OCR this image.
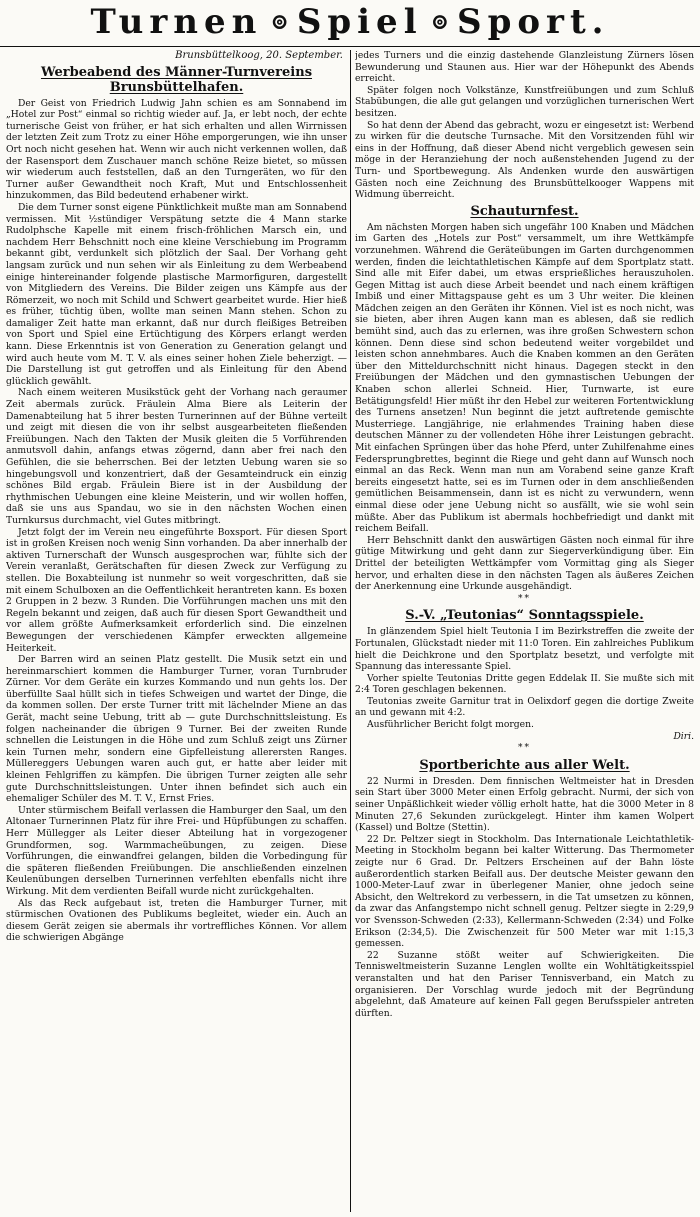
Turnen ⊚ Spiel ⊚ Sport.

Brunsbüttelkoog, 20. September.

Werbeabend des Männer-Turnvereins
Brunsbüttelhafen.

Der Geist von Friedrich Ludwig Jahn schien es am Sonnabend im „Hotel zur Post“ einmal so richtig wieder auf. Ja, er lebt noch, der echte turnerische Geist von früher, er hat sich erhalten und allen Wirrnissen der letzten Zeit zum Trotz zu einer Höhe emporgerungen, wie ihn unser Ort noch nicht gesehen hat. Wenn wir auch nicht verkennen wollen, daß der Rasensport dem Zuschauer manch schöne Reize bietet, so müssen wir wiederum auch feststellen, daß an den Turngeräten, wo für den Turner außer Gewandtheit noch Kraft, Mut und Entschlossenheit hinzukommen, das Bild bedeutend erhabener wirkt.

Die dem Turner sonst eigene Pünktlichkeit mußte man am Sonnabend vermissen. Mit ½stündiger Verspätung setzte die 4 Mann starke Rudolphsche Kapelle mit einem frisch-fröhlichen Marsch ein, und nachdem Herr Behschnitt noch eine kleine Verschiebung im Programm bekannt gibt, verdunkelt sich plötzlich der Saal. Der Vorhang geht langsam zurück und nun sehen wir als Einleitung zu dem Werbeabend einige hintereinander folgende plastische Marmorfiguren, dargestellt von Mitgliedern des Vereins. Die Bilder zeigen uns Kämpfe aus der Römerzeit, wo noch mit Schild und Schwert gearbeitet wurde. Hier hieß es früher, tüchtig üben, wollte man seinen Mann stehen. Schon zu damaliger Zeit hatte man erkannt, daß nur durch fleißiges Betreiben von Sport und Spiel eine Ertüchtigung des Körpers erlangt werden kann. Diese Erkenntnis ist von Generation zu Generation gelangt und wird auch heute vom M. T. V. als eines seiner hohen Ziele beherzigt. — Die Darstellung ist gut getroffen und als Einleitung für den Abend glücklich gewählt.

Nach einem weiteren Musikstück geht der Vorhang nach geraumer Zeit abermals zurück. Fräulein Alma Biere als Leiterin der Damenabteilung hat 5 ihrer besten Turnerinnen auf der Bühne verteilt und zeigt mit diesen die von ihr selbst ausgearbeiteten fließenden Freiübungen. Nach den Takten der Musik gleiten die 5 Vorführenden anmutsvoll dahin, anfangs etwas zögernd, dann aber frei nach den Gefühlen, die sie beherrschen. Bei der letzten Uebung waren sie so hingebungsvoll und konzentriert, daß der Gesamteindruck ein einzig schönes Bild ergab. Fräulein Biere ist in der Ausbildung der rhythmischen Uebungen eine kleine Meisterin, und wir wollen hoffen, daß sie uns aus Spandau, wo sie in den nächsten Wochen einen Turnkursus durchmacht, viel Gutes mitbringt.

Jetzt folgt der im Verein neu eingeführte Boxsport. Für diesen Sport ist in großen Kreisen noch wenig Sinn vorhanden. Da aber innerhalb der aktiven Turnerschaft der Wunsch ausgesprochen war, fühlte sich der Verein veranlaßt, Gerätschaften für diesen Zweck zur Verfügung zu stellen. Die Boxabteilung ist nunmehr so weit vorgeschritten, daß sie mit einem Schulboxen an die Oeffentlichkeit herantreten kann. Es boxen 2 Gruppen in 2 bezw. 3 Runden. Die Vorführungen machen uns mit den Regeln bekannt und zeigen, daß auch für diesen Sport Gewandtheit und vor allem größte Aufmerksamkeit erforderlich sind. Die einzelnen Bewegungen der verschiedenen Kämpfer erweckten allgemeine Heiterkeit.

Der Barren wird an seinen Platz gestellt. Die Musik setzt ein und hereinmarschiert kommen die Hamburger Turner, voran Turnbruder Zürner. Vor dem Geräte ein kurzes Kommando und nun gehts los. Der überfüllte Saal hüllt sich in tiefes Schweigen und wartet der Dinge, die da kommen sollen. Der erste Turner tritt mit lächelnder Miene an das Gerät, macht seine Uebung, tritt ab — gute Durchschnittsleistung. Es folgen nacheinander die übrigen 9 Turner. Bei der zweiten Runde schnellen die Leistungen in die Höhe und zum Schluß zeigt uns Zürner kein Turnen mehr, sondern eine Gipfelleistung allerersten Ranges. Müllereggers Uebungen waren auch gut, er hatte aber leider mit kleinen Fehlgriffen zu kämpfen. Die übrigen Turner zeigten alle sehr gute Durchschnittsleistungen. Unter ihnen befindet sich auch ein ehemaliger Schüler des M. T. V., Ernst Fries.

Unter stürmischem Beifall verlassen die Hamburger den Saal, um den Altonaer Turnerinnen Platz für ihre Frei- und Hüpfübungen zu schaffen. Herr Müllegger als Leiter dieser Abteilung hat in vorgezogener Grundformen, sog. Warmmacheübungen, zu zeigen. Diese Vorführungen, die einwandfrei gelangen, bilden die Vorbedingung für die späteren fließenden Freiübungen. Die anschließenden einzelnen Keulenübungen derselben Turnerinnen verfehlten ebenfalls nicht ihre Wirkung. Mit dem verdienten Beifall wurde nicht zurückgehalten.

Als das Reck aufgebaut ist, treten die Hamburger Turner, mit stürmischen Ovationen des Publikums begleitet, wieder ein. Auch an diesem Gerät zeigen sie abermals ihr vortreffliches Können. Vor allem die schwierigen Abgänge

jedes Turners und die einzig dastehende Glanzleistung Zürners lösen Bewunderung und Staunen aus. Hier war der Höhepunkt des Abends erreicht.

Später folgen noch Volkstänze, Kunstfreiübungen und zum Schluß Stabübungen, die alle gut gelangen und vorzüglichen turnerischen Wert besitzen.

So hat denn der Abend das gebracht, wozu er eingesetzt ist: Werbend zu wirken für die deutsche Turnsache. Mit den Vorsitzenden fühl wir eins in der Hoffnung, daß dieser Abend nicht vergeblich gewesen sein möge in der Heranziehung der noch außenstehenden Jugend zu der Turn- und Sportbewegung. Als Andenken wurde den auswärtigen Gästen noch eine Zeichnung des Brunsbüttelkooger Wappens mit Widmung überreicht.

Schauturnfest.

Am nächsten Morgen haben sich ungefähr 100 Knaben und Mädchen im Garten des „Hotels zur Post“ versammelt, um ihre Wettkämpfe vorzunehmen. Während die Geräteübungen im Garten durchgenommen werden, finden die leichtathletischen Kämpfe auf dem Sportplatz statt. Sind alle mit Eifer dabei, um etwas ersprießliches herauszuholen. Gegen Mittag ist auch diese Arbeit beendet und nach einem kräftigen Imbiß und einer Mittagspause geht es um 3 Uhr weiter. Die kleinen Mädchen zeigen an den Geräten ihr Können. Viel ist es noch nicht, was sie bieten, aber ihren Augen kann man es ablesen, daß sie redlich bemüht sind, auch das zu erlernen, was ihre großen Schwestern schon können. Denn diese sind schon bedeutend weiter vorgebildet und leisten schon annehmbares. Auch die Knaben kommen an den Geräten über den Mitteldurchschnitt nicht hinaus. Dagegen steckt in den Freiübungen der Mädchen und den gymnastischen Uebungen der Knaben schon allerlei Schneid. Hier, Turnwarte, ist eure Betätigungsfeld! Hier müßt ihr den Hebel zur weiteren Fortentwicklung des Turnens ansetzen! Nun beginnt die jetzt auftretende gemischte Musterriege. Langjährige, nie erlahmendes Training haben diese deutschen Männer zu der vollendeten Höhe ihrer Leistungen gebracht. Mit einfachen Sprüngen über das hohe Pferd, unter Zuhilfenahme eines Federsprungbrettes, beginnt die Riege und geht dann auf Wunsch noch einmal an das Reck. Wenn man nun am Vorabend seine ganze Kraft bereits eingesetzt hatte, sei es im Turnen oder in dem anschließenden gemütlichen Beisammensein, dann ist es nicht zu verwundern, wenn einmal diese oder jene Uebung nicht so ausfällt, wie sie wohl sein müßte. Aber das Publikum ist abermals hochbefriedigt und dankt mit reichem Beifall.

Herr Behschnitt dankt den auswärtigen Gästen noch einmal für ihre gütige Mitwirkung und geht dann zur Siegerverkündigung über. Ein Drittel der beteiligten Wettkämpfer vom Vormittag ging als Sieger hervor, und erhalten diese in den nächsten Tagen als äußeres Zeichen der Anerkennung eine Urkunde ausgehändigt.

**
S.-V. „Teutonias“ Sonntagsspiele.

In glänzendem Spiel hielt Teutonia I im Bezirkstreffen die zweite der Fortunalen, Glückstadt nieder mit 11:0 Toren. Ein zahlreiches Publikum hielt die Deichkrone und den Sportplatz besetzt, und verfolgte mit Spannung das interessante Spiel.

Vorher spielte Teutonias Dritte gegen Eddelak II. Sie mußte sich mit 2:4 Toren geschlagen bekennen.

Teutonias zweite Garnitur trat in Oelixdorf gegen die dortige Zweite an und gewann mit 4:2.

Ausführlicher Bericht folgt morgen.

Diri.

**
Sportberichte aus aller Welt.

22 Nurmi in Dresden. Dem finnischen Weltmeister hat in Dresden sein Start über 3000 Meter einen Erfolg gebracht. Nurmi, der sich von seiner Unpäßlichkeit wieder völlig erholt hatte, hat die 3000 Meter in 8 Minuten 27,6 Sekunden zurückgelegt. Hinter ihm kamen Wolpert (Kassel) und Boltze (Stettin).

22 Dr. Peltzer siegt in Stockholm. Das Internationale Leichtathletik-Meeting in Stockholm begann bei kalter Witterung. Das Thermometer zeigte nur 6 Grad. Dr. Peltzers Erscheinen auf der Bahn löste außerordentlich starken Beifall aus. Der deutsche Meister gewann den 1000-Meter-Lauf zwar in überlegener Manier, ohne jedoch seine Absicht, den Weltrekord zu verbessern, in die Tat umsetzen zu können, da zwar das Anfangstempo nicht schnell genug. Peltzer siegte in 2:29,9 vor Svensson-Schweden (2:33), Kellermann-Schweden (2:34) und Folke Erikson (2:34,5). Die Zwischenzeit für 500 Meter war mit 1:15,3 gemessen.

22 Suzanne stößt weiter auf Schwierigkeiten. Die Tennisweltmeisterin Suzanne Lenglen wollte ein Wohltätigkeitsspiel veranstalten und hat den Pariser Tennisverband, ein Match zu organisieren. Der Vorschlag wurde jedoch mit der Begründung abgelehnt, daß Amateure auf keinen Fall gegen Berufsspieler antreten dürften.
